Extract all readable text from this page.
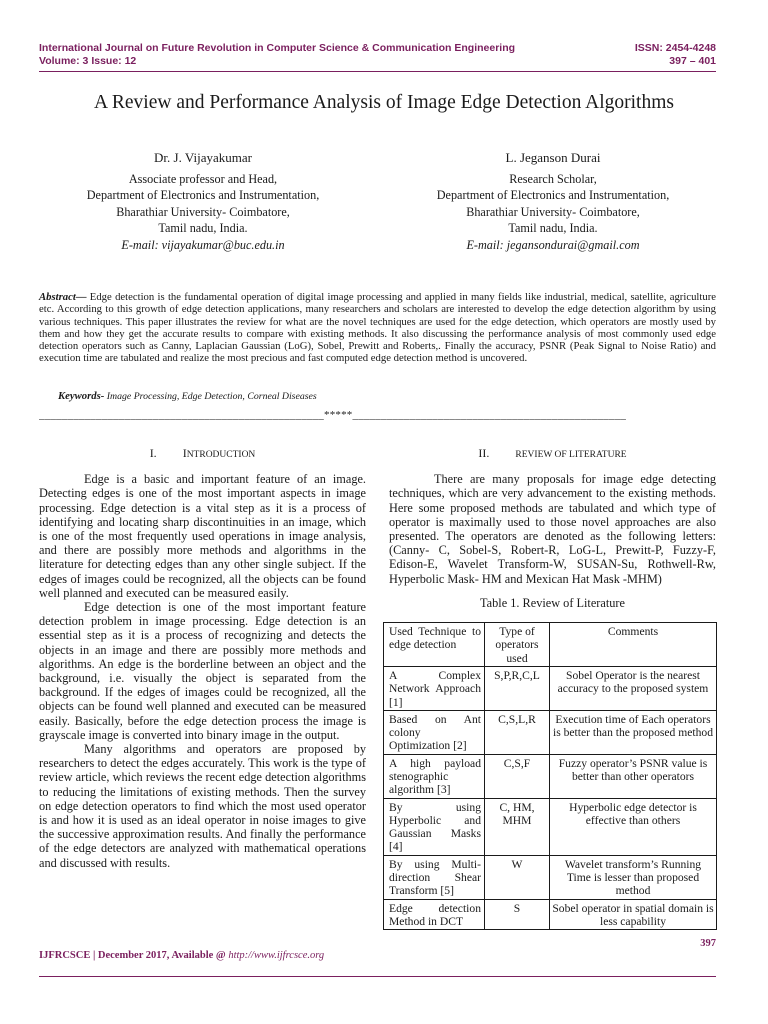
International Journal on Future Revolution in Computer Science & Communication Engineering
Volume: 3 Issue: 12
ISSN: 2454-4248
397 – 401
A Review and Performance Analysis of Image Edge Detection Algorithms
Dr. J. Vijayakumar
Associate professor and Head,
Department of Electronics and Instrumentation,
Bharathiar University- Coimbatore,
Tamil nadu, India.
E-mail: vijayakumar@buc.edu.in
L. Jeganson Durai
Research Scholar,
Department of Electronics and Instrumentation,
Bharathiar University- Coimbatore,
Tamil nadu, India.
E-mail: jegansondurai@gmail.com
Abstract— Edge detection is the fundamental operation of digital image processing and applied in many fields like industrial, medical, satellite, agriculture etc. According to this growth of edge detection applications, many researchers and scholars are interested to develop the edge detection algorithm by using various techniques. This paper illustrates the review for what are the novel techniques are used for the edge detection, which operators are mostly used by them and how they get the accurate results to compare with existing methods. It also discussing the performance analysis of most commonly used edge detection operators such as Canny, Laplacian Gaussian (LoG), Sobel, Prewitt and Roberts,. Finally the accuracy, PSNR (Peak Signal to Noise Ratio) and execution time are tabulated and realize the most precious and fast computed edge detection method is uncovered.
Keywords- Image Processing, Edge Detection, Corneal Diseases
__________________________________________________*****________________________________________________
I. INTRODUCTION

Edge is a basic and important feature of an image. Detecting edges is one of the most important aspects in image processing. Edge detection is a vital step as it is a process of identifying and locating sharp discontinuities in an image, which is one of the most frequently used operations in image analysis, and there are possibly more methods and algorithms in the literature for detecting edges than any other single subject. If the edges of images could be recognized, all the objects can be found well planned and executed can be measured easily.

Edge detection is one of the most important feature detection problem in image processing. Edge detection is an essential step as it is a process of recognizing and detects the objects in an image and there are possibly more methods and algorithms. An edge is the borderline between an object and the background, i.e. visually the object is separated from the background. If the edges of images could be recognized, all the objects can be found well planned and executed can be measured easily. Basically, before the edge detection process the image is grayscale image is converted into binary image in the output.

Many algorithms and operators are proposed by researchers to detect the edges accurately. This work is the type of review article, which reviews the recent edge detection algorithms to reducing the limitations of existing methods. Then the survey on edge detection operators to find which the most used operator is and how it is used as an ideal operator in noise images to give the successive approximation results. And finally the performance of the edge detectors are analyzed with mathematical operations and discussed with results.

II.	REVIEW OF LITERATURE

There are many proposals for image edge detecting techniques, which are very advancement to the existing methods. Here some proposed methods are tabulated and which type of operator is maximally used to those novel approaches are also presented. The operators are denoted as the following letters: (Canny- C, Sobel-S, Robert-R, LoG-L, Prewitt-P, Fuzzy-F, Edison-E, Wavelet Transform-W, SUSAN-Su, Rothwell-Rw, Hyperbolic Mask- HM and Mexican Hat Mask -MHM)

Table 1. Review of Literature
Used Technique to edge detection	Type of operators used	Comments
A Complex Network Approach [1]	S,P,R,C,L	Sobel Operator is the nearest accuracy to the proposed system
Based on Ant colony Optimization [2]	C,S,L,R	Execution time of Each operators is better than the proposed method
A high payload stenographic algorithm [3]	C,S,F	Fuzzy operator’s PSNR value is better than other operators
By using Hyperbolic and Gaussian Masks [4]	C, HM, MHM	Hyperbolic edge detector is effective than others
By using Multi-direction Shear Transform [5]	W	Wavelet transform’s Running Time is lesser than proposed method
Edge detection Method in DCT	S	Sobel operator in spatial domain is less capability
397
IJFRCSCE | December 2017, Available @ http://www.ijfrcsce.org
